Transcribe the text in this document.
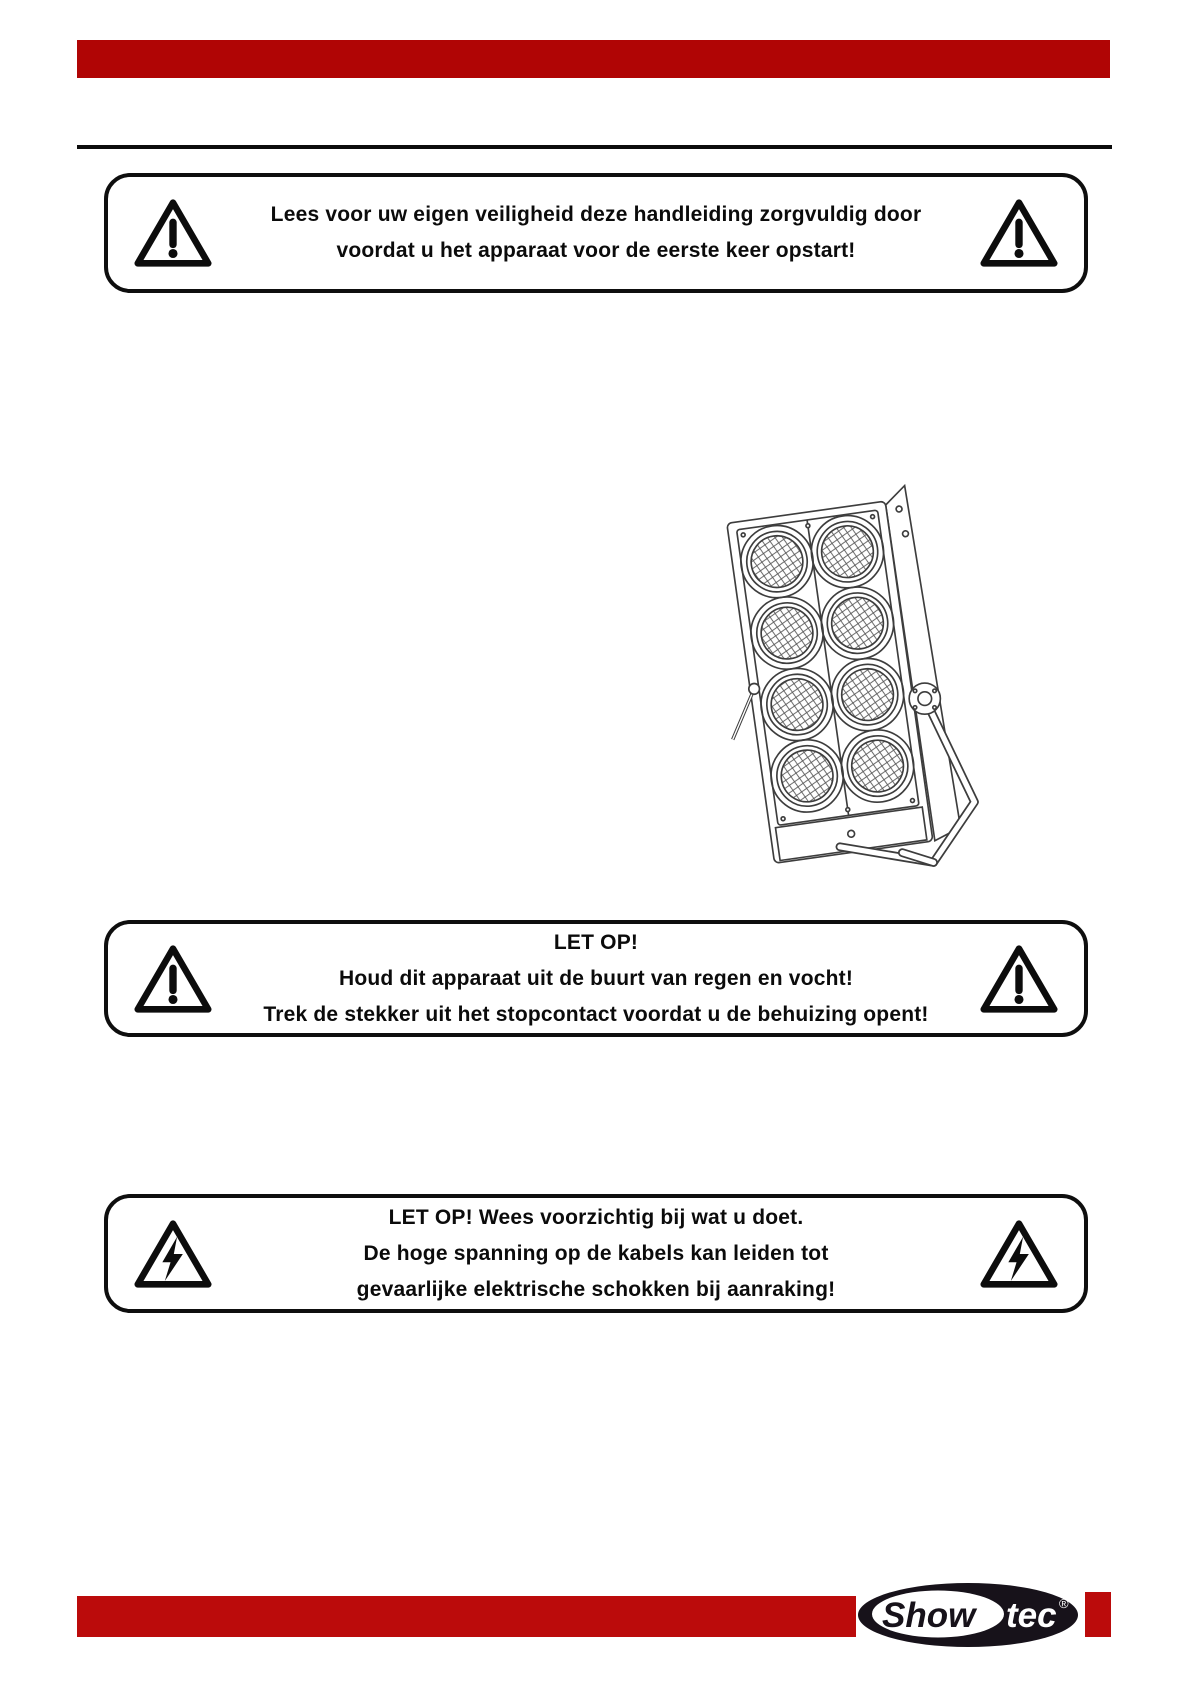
Lees voor uw eigen veiligheid deze handleiding zorgvuldig door
voordat u het apparaat voor de eerste keer opstart!
LET OP!
Houd dit apparaat uit de buurt van regen en vocht!
Trek de stekker uit het stopcontact voordat u de behuizing opent!
LET OP! Wees voorzichtig bij wat u doet.
De hoge spanning op de kabels kan leiden tot
gevaarlijke elektrische schokken bij aanraking!
Show tec ®
